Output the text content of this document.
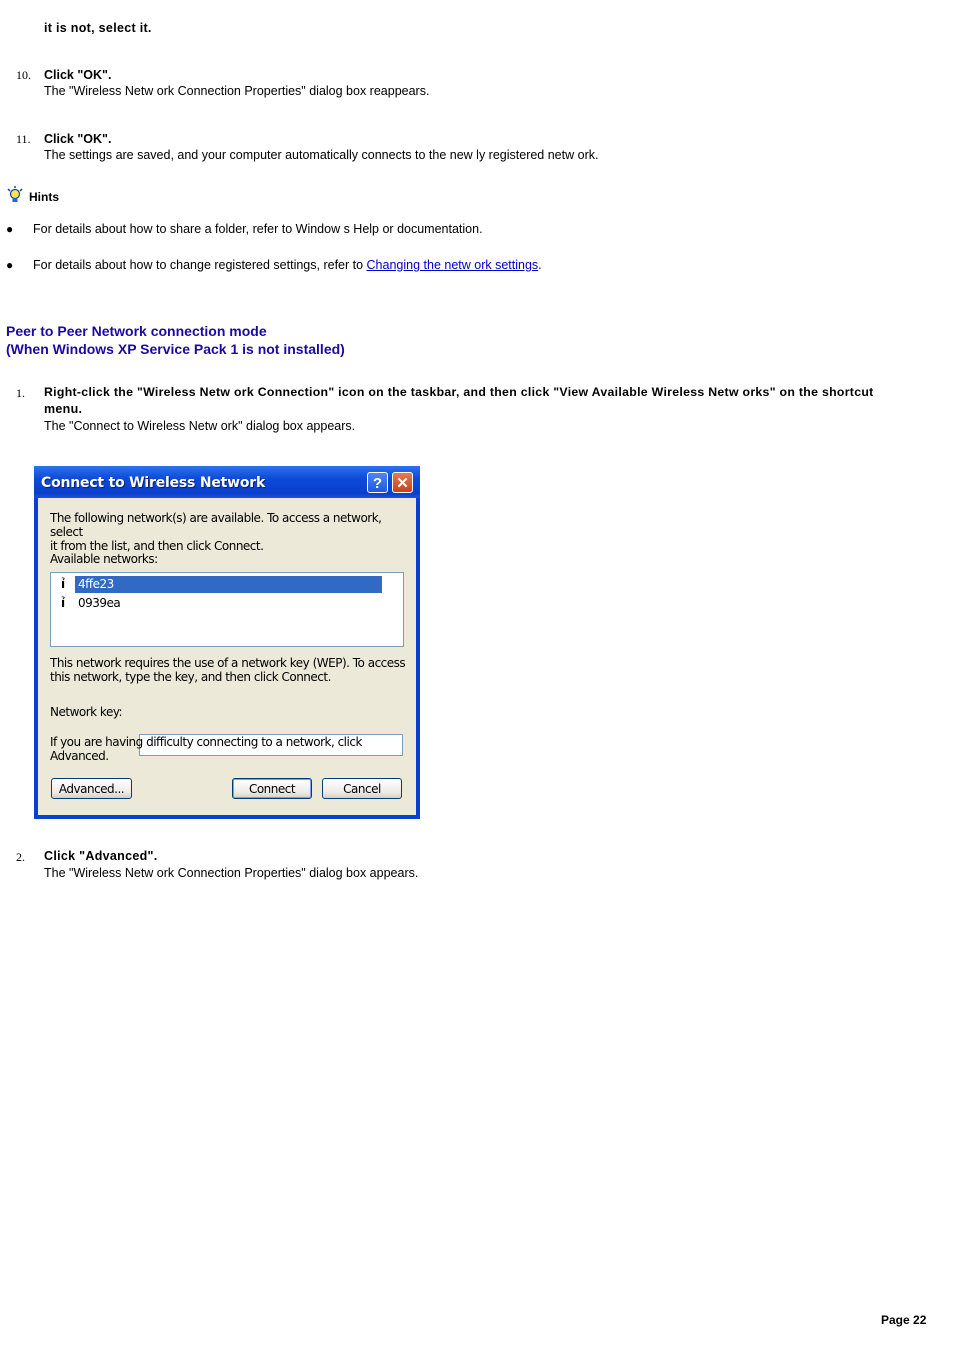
it is not, select it.
10. Click "OK".
The "Wireless Netw ork Connection Properties" dialog box reappears.
11. Click "OK".
The settings are saved, and your computer automatically connects to the new ly registered netw ork.
Hints
● For details about how to share a folder, refer to Window s Help or documentation.
● For details about how to change registered settings, refer to Changing the netw ork settings.
Peer to Peer Network connection mode
(When Windows XP Service Pack 1 is not installed)
1. Right-click the "Wireless Netw ork Connection" icon on the taskbar, and then click "View Available Wireless Netw orks" on the shortcut
menu.
The "Connect to Wireless Netw ork" dialog box appears.
Connect to Wireless Network	? ✕
The following network(s) are available. To access a network, select
it from the list, and then click Connect.
Available networks:
ỉ	4ffe23
ỉ	0939ea
This network requires the use of a network key (WEP). To access
this network, type the key, and then click Connect.
Network key:
If you are having difficulty connecting to a network, click Advanced.
Advanced...	Connect	Cancel
2. Click "Advanced".
The "Wireless Netw ork Connection Properties" dialog box appears.
Page 22
